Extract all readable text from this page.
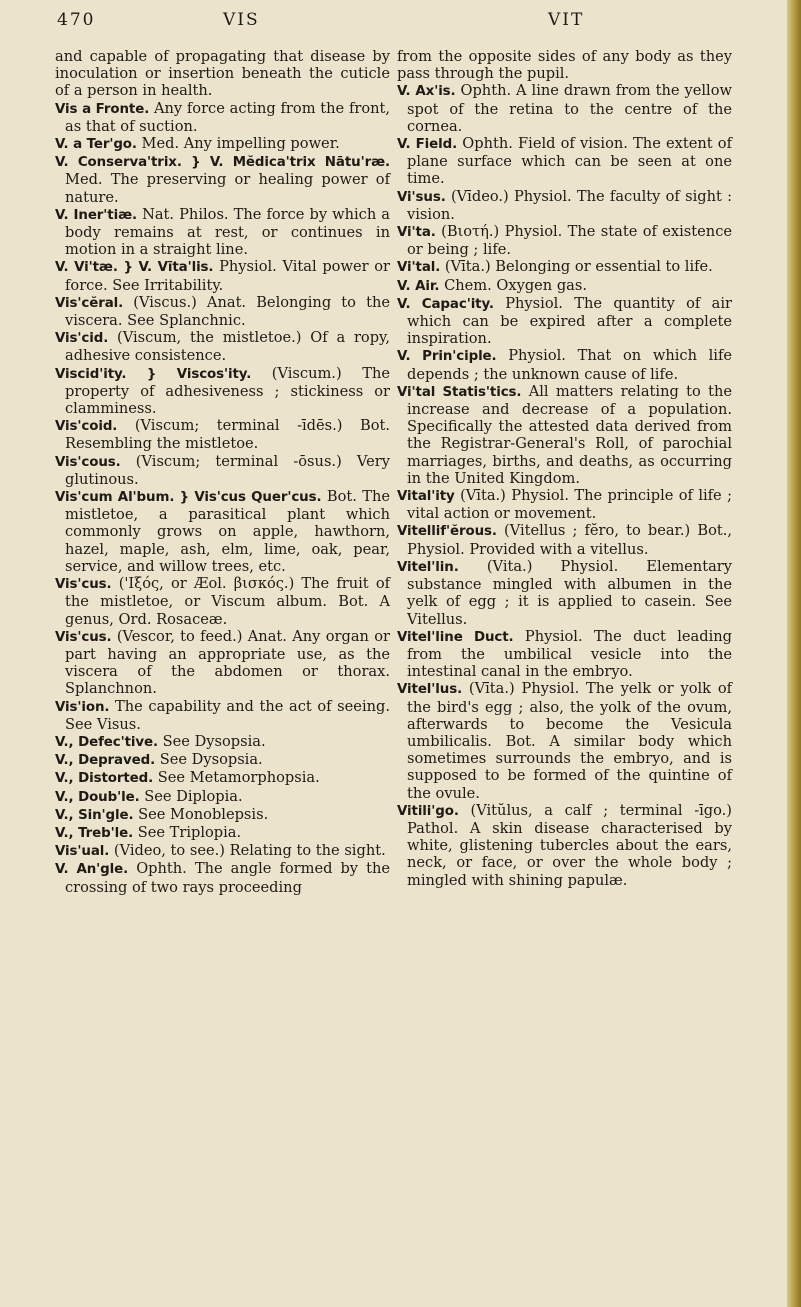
470	VIS	VIT

and capable of propagating that disease by inoculation or insertion beneath the cuticle of a person in health.

Vis a Fronte. Any force acting from the front, as that of suction.

V. a Ter'go. Med. Any impelling power.

V. Conserva'trix. } V. Mĕdica'trix Nātu'ræ. Med. The preserving or healing power of nature.

V. Iner'tiæ. Nat. Philos. The force by which a body remains at rest, or continues in motion in a straight line.

V. Vi'tæ. } V. Vīta'lis. Physiol. Vital power or force. See Irritability.

Vis'cĕral. (Viscus.) Anat. Belonging to the viscera. See Splanchnic.

Vis'cid. (Viscum, the mistletoe.) Of a ropy, adhesive consistence.

Viscid'ity. } Viscos'ity. (Viscum.) The property of adhesiveness ; stickiness or clamminess.

Vis'coid. (Viscum; terminal -īdēs.) Bot. Resembling the mistletoe.

Vis'cous. (Viscum; terminal -ōsus.) Very glutinous.

Vis'cum Al'bum. } Vis'cus Quer'cus. Bot. The mistletoe, a parasitical plant which commonly grows on apple, hawthorn, hazel, maple, ash, elm, lime, oak, pear, service, and willow trees, etc.

Vis'cus. ('Ιξός, or Æol. βισκός.) The fruit of the mistletoe, or Viscum album. Bot. A genus, Ord. Rosaceæ.

Vis'cus. (Vescor, to feed.) Anat. Any organ or part having an appropriate use, as the viscera of the abdomen or thorax. Splanchnon.

Vis'ion. The capability and the act of seeing. See Visus.

V., Defec'tive. See Dysopsia.

V., Depraved. See Dysopsia.

V., Distorted. See Metamorphopsia.

V., Doub'le. See Diplopia.

V., Sin'gle. See Monoblepsis.

V., Treb'le. See Triplopia.

Vis'ual. (Video, to see.) Relating to the sight.

V. An'gle. Ophth. The angle formed by the crossing of two rays proceeding

from the opposite sides of any body as they pass through the pupil.

V. Ax'is. Ophth. A line drawn from the yellow spot of the retina to the centre of the cornea.

V. Field. Ophth. Field of vision. The extent of plane surface which can be seen at one time.

Vi'sus. (Vīdeo.) Physiol. The faculty of sight : vision.

Vi'ta. (Βιοτή.) Physiol. The state of existence or being ; life.

Vi'tal. (Vīta.) Belonging or essential to life.

V. Air. Chem. Oxygen gas.

V. Capac'ity. Physiol. The quantity of air which can be expired after a complete inspiration.

V. Prin'ciple. Physiol. That on which life depends ; the unknown cause of life.

Vi'tal Statis'tics. All matters relating to the increase and decrease of a population. Specifically the attested data derived from the Registrar-General's Roll, of parochial marriages, births, and deaths, as occurring in the United Kingdom.

Vital'ity (Vīta.) Physiol. The principle of life ; vital action or movement.

Vitellif'ĕrous. (Vitellus ; fĕro, to bear.) Bot., Physiol. Provided with a vitellus.

Vitel'lin. (Vita.) Physiol. Elementary substance mingled with albumen in the yelk of egg ; it is applied to casein. See Vitellus.

Vitel'line Duct. Physiol. The duct leading from the umbilical vesicle into the intestinal canal in the embryo.

Vitel'lus. (Vīta.) Physiol. The yelk or yolk of the bird's egg ; also, the yolk of the ovum, afterwards to become the Vesicula umbilicalis. Bot. A similar body which sometimes surrounds the embryo, and is supposed to be formed of the quintine of the ovule.

Vitili'go. (Vitŭlus, a calf ; terminal -īgo.) Pathol. A skin disease characterised by white, glistening tubercles about the ears, neck, or face, or over the whole body ; mingled with shining papulæ.
